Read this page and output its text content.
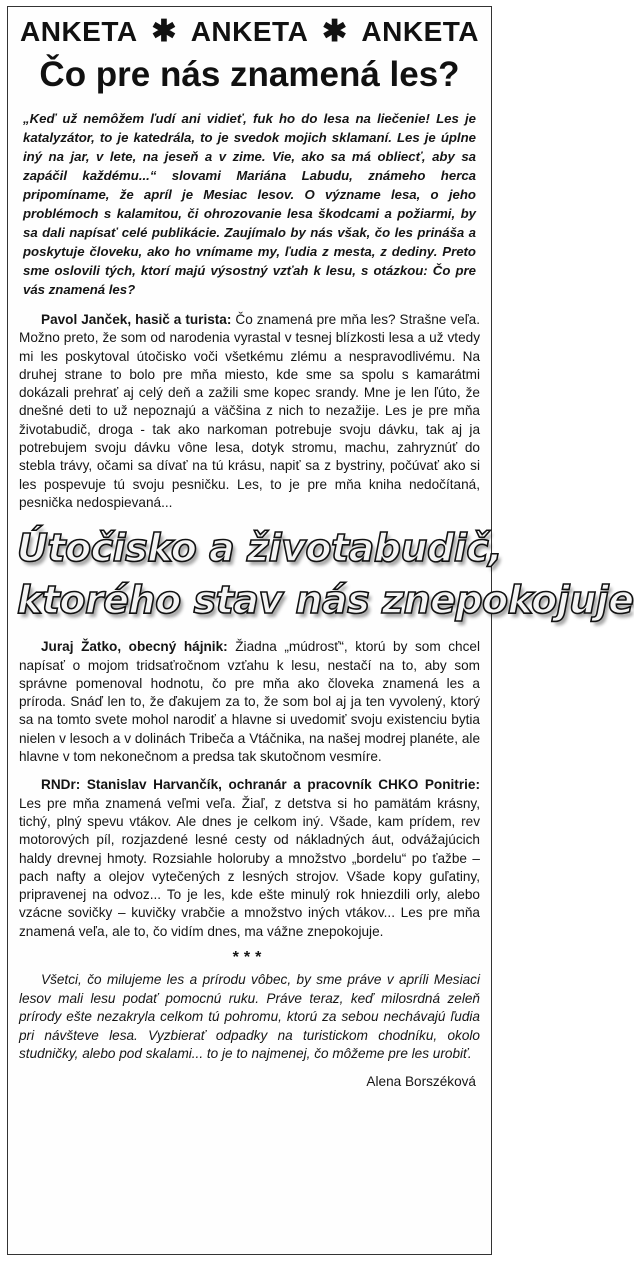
ANKETA ✱ ANKETA ✱ ANKETA
Čo pre nás znamená les?
„Keď už nemôžem ľudí ani vidieť, fuk ho do lesa na liečenie! Les je katalyzátor, to je katedrála, to je svedok mojich sklamaní. Les je úplne iný na jar, v lete, na jeseň a v zime. Vie, ako sa má obliecť, aby sa zapáčil každému...“ slovami Mariána Labudu, známeho herca pripomíname, že apríl je Mesiac lesov. O význame lesa, o jeho problémoch s kalamitou, či ohrozovanie lesa škodcami a požiarmi, by sa dali napísať celé publikácie. Zaujímalo by nás však, čo les prináša a poskytuje človeku, ako ho vnímame my, ľudia z mesta, z dediny. Preto sme oslovili tých, ktorí majú výsostný vzťah k lesu, s otázkou: Čo pre vás znamená les?
Pavol Janček, hasič a turista: Čo znamená pre mňa les? Strašne veľa. Možno preto, že som od narodenia vyrastal v tesnej blízkosti lesa a už vtedy mi les poskytoval útočisko voči všetkému zlému a nespravodlivému. Na druhej strane to bolo pre mňa miesto, kde sme sa spolu s kamarátmi dokázali prehrať aj celý deň a zažili sme kopec srandy. Mne je len ľúto, že dnešné deti to už nepoznajú a väčšina z nich to nezažije. Les je pre mňa životabudič, droga - tak ako narkoman potrebuje svoju dávku, tak aj ja potrebujem svoju dávku vône lesa, dotyk stromu, machu, zahryznúť do stebla trávy, očami sa dívať na tú krásu, napiť sa z bystriny, počúvať ako si les pospevuje tú svoju pesničku. Les, to je pre mňa kniha nedočítaná, pesnička nedospievaná...
Útočisko a životabudič,
ktorého stav nás znepokojuje
Juraj Žatko, obecný hájnik: Žiadna „múdrosť“, ktorú by som chcel napísať o mojom tridsaťročnom vzťahu k lesu, nestačí na to, aby som správne pomenoval hodnotu, čo pre mňa ako človeka znamená les a príroda. Snáď len to, že ďakujem za to, že som bol aj ja ten vyvolený, ktorý sa na tomto svete mohol narodiť a hlavne si uvedomiť svoju existenciu bytia nielen v lesoch a v dolinách Tribeča a Vtáčnika, na našej modrej planéte, ale hlavne v tom nekonečnom a predsa tak skutočnom vesmíre.
RNDr: Stanislav Harvančík, ochranár a pracovník CHKO Ponitrie: Les pre mňa znamená veľmi veľa. Žiaľ, z detstva si ho pamätám krásny, tichý, plný spevu vtákov. Ale dnes je celkom iný. Všade, kam prídem, rev motorových píl, rozjazdené lesné cesty od nákladných áut, odvážajúcich haldy drevnej hmoty. Rozsiahle holoruby a množstvo „bordelu“ po ťažbe – pach nafty a olejov vytečených z lesných strojov. Všade kopy guľatiny, pripravenej na odvoz... To je les, kde ešte minulý rok hniezdili orly, alebo vzácne sovičky – kuvičky vrabčie a množstvo iných vtákov... Les pre mňa znamená veľa, ale to, čo vidím dnes, ma vážne znepokojuje.
***
Všetci, čo milujeme les a prírodu vôbec, by sme práve v apríli Mesiaci lesov mali lesu podať pomocnú ruku. Práve teraz, keď milosrdná zeleň prírody ešte nezakryla celkom tú pohromu, ktorú za sebou nechávajú ľudia pri návšteve lesa. Vyzbierať odpadky na turistickom chodníku, okolo studničky, alebo pod skalami... to je to najmenej, čo môžeme pre les urobiť.
Alena Borszéková
